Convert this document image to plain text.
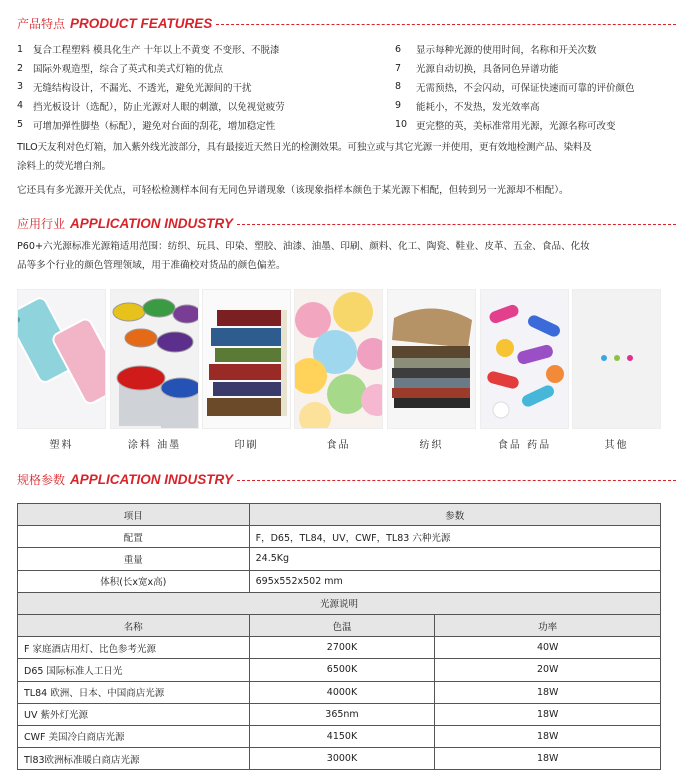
产品特点 PRODUCT FEATURES
1	复合工程塑料 模具化生产 十年以上不黄变 不变形、不脱漆
2	国际外观造型，综合了英式和美式灯箱的优点
3	无缝结构设计，不漏光、不透光，避免光源间的干扰
4	挡光板设计（选配），防止光源对人眼的刺激，以免视觉疲劳
5	可增加弹性脚垫（标配），避免对台面的刮花，增加稳定性
6	显示每种光源的使用时间，名称和开关次数
7	光源自动切换，具备同色异谱功能
8	无需预热，不会闪动，可保证快速而可靠的评价颜色
9	能耗小，不发热，发光效率高
10 更完整的英，美标准常用光源，光源名称可改变
TILO天友利对色灯箱，加入紫外线光波部分，具有最接近天然日光的检测效果。可独立或与其它光源一并使用，更有效地检测产品、染料及
涂料上的荧光增白剂。
它还具有多光源开关优点，可轻松检测样本间有无同色异谱现象（该现象指样本颜色于某光源下相配，但转到另一光源却不相配）。
应用行业 APPLICATION INDUSTRY
P60+六光源标准光源箱适用范围：纺织、玩具、印染、塑胶、油漆、油墨、印刷、颜料、化工、陶瓷、鞋业、皮革、五金、食品、化妆
品等多个行业的颜色管理领域，用于准确校对货品的颜色偏差。
塑料	涂料 油墨	印刷	食品	纺织	食品 药品	其他
规格参数 APPLICATION INDUSTRY
项目	参数	
配置	F，D65，TL84，UV，CWF，TL83 六种光源	
重量	24.5Kg	
体积(长x宽x高)	695x552x502 mm	
光源说明		
名称	色温	功率
F 家庭酒店用灯、比色参考光源	2700K	40W
D65 国际标准人工日光	6500K	20W
TL84 欧洲、日本、中国商店光源	4000K	18W
UV 紫外灯光源	365nm	18W
CWF 美国冷白商店光源	4150K	18W
Tl83欧洲标准暖白商店光源	3000K	18W
